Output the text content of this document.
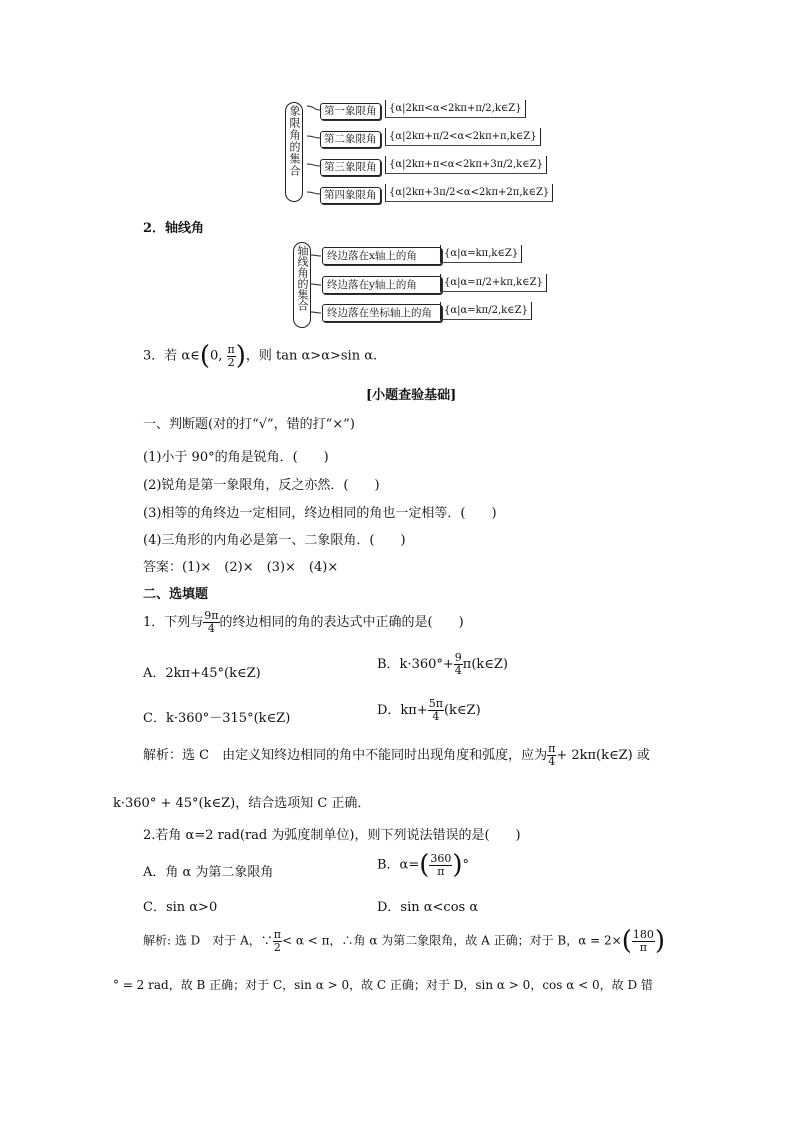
象限角的集合	第一象限角	{α|2kπ<α<2kπ+π/2,k∈Z}
第二象限角	{α|2kπ+π/2<α<2kπ+π,k∈Z}
第三象限角	{α|2kπ+π<α<2kπ+3π/2,k∈Z}
第四象限角	{α|2kπ+3π/2<α<2kπ+2π,k∈Z}
2．轴线角
轴线角的集合	终边落在x轴上的角	{α|α=kπ,k∈Z}
终边落在y轴上的角	{α|α=π/2+kπ,k∈Z}
终边落在坐标轴上的角	{α|α=kπ/2,k∈Z}
3．若 α∈(0, $\frac{\pi}{2}$ )，则 tan α>α>sin α.
[小题查验基础]
一、判断题(对的打“√”，错的打“×”)
(1)小于 90°的角是锐角．(　　)
(2)锐角是第一象限角，反之亦然．(　　)
(3)相等的角终边一定相同，终边相同的角也一定相等．(　　)
(4)三角形的内角必是第一、二象限角．(　　)
答案：(1)×　(2)×　(3)×　(4)×
二、选填题
1．下列与 $\frac{9\pi}{4}$ 的终边相同的角的表达式中正确的是(　　)
A．2kπ+45°(k∈Z)
B．$k\cdot 360^\circ+ \frac{9}{4}$ π(k∈Z)
C．k·360°－315°(k∈Z)
D．$k\pi+ \frac{5\pi}{4}$ (k∈Z)
解析：选 C　由定义知终边相同的角中不能同时出现角度和弧度，应为 $\frac{\pi}{4}$ + 2kπ(k∈Z) 或
k·360° + 45°(k∈Z)，结合选项知 C 正确．
2.若角 α=2 rad(rad 为弧度制单位)，则下列说法错误的是(　　)
A．角 α 为第二象限角	B．$\alpha=( \frac{360}{\pi}$ )°
C．sin α>0	D．sin α<cos α
解析: 选 D　对于 A，∵ $\frac{\pi}{2} < \alpha < \pi$，∴角 α 为第二象限角，故 A 正确；对于 B，$\alpha = 2\times( \frac{180}{\pi}$ )
° = 2 rad，故 B 正确；对于 C，sin α > 0，故 C 正确；对于 D，sin α > 0，cos α < 0，故 D 错
